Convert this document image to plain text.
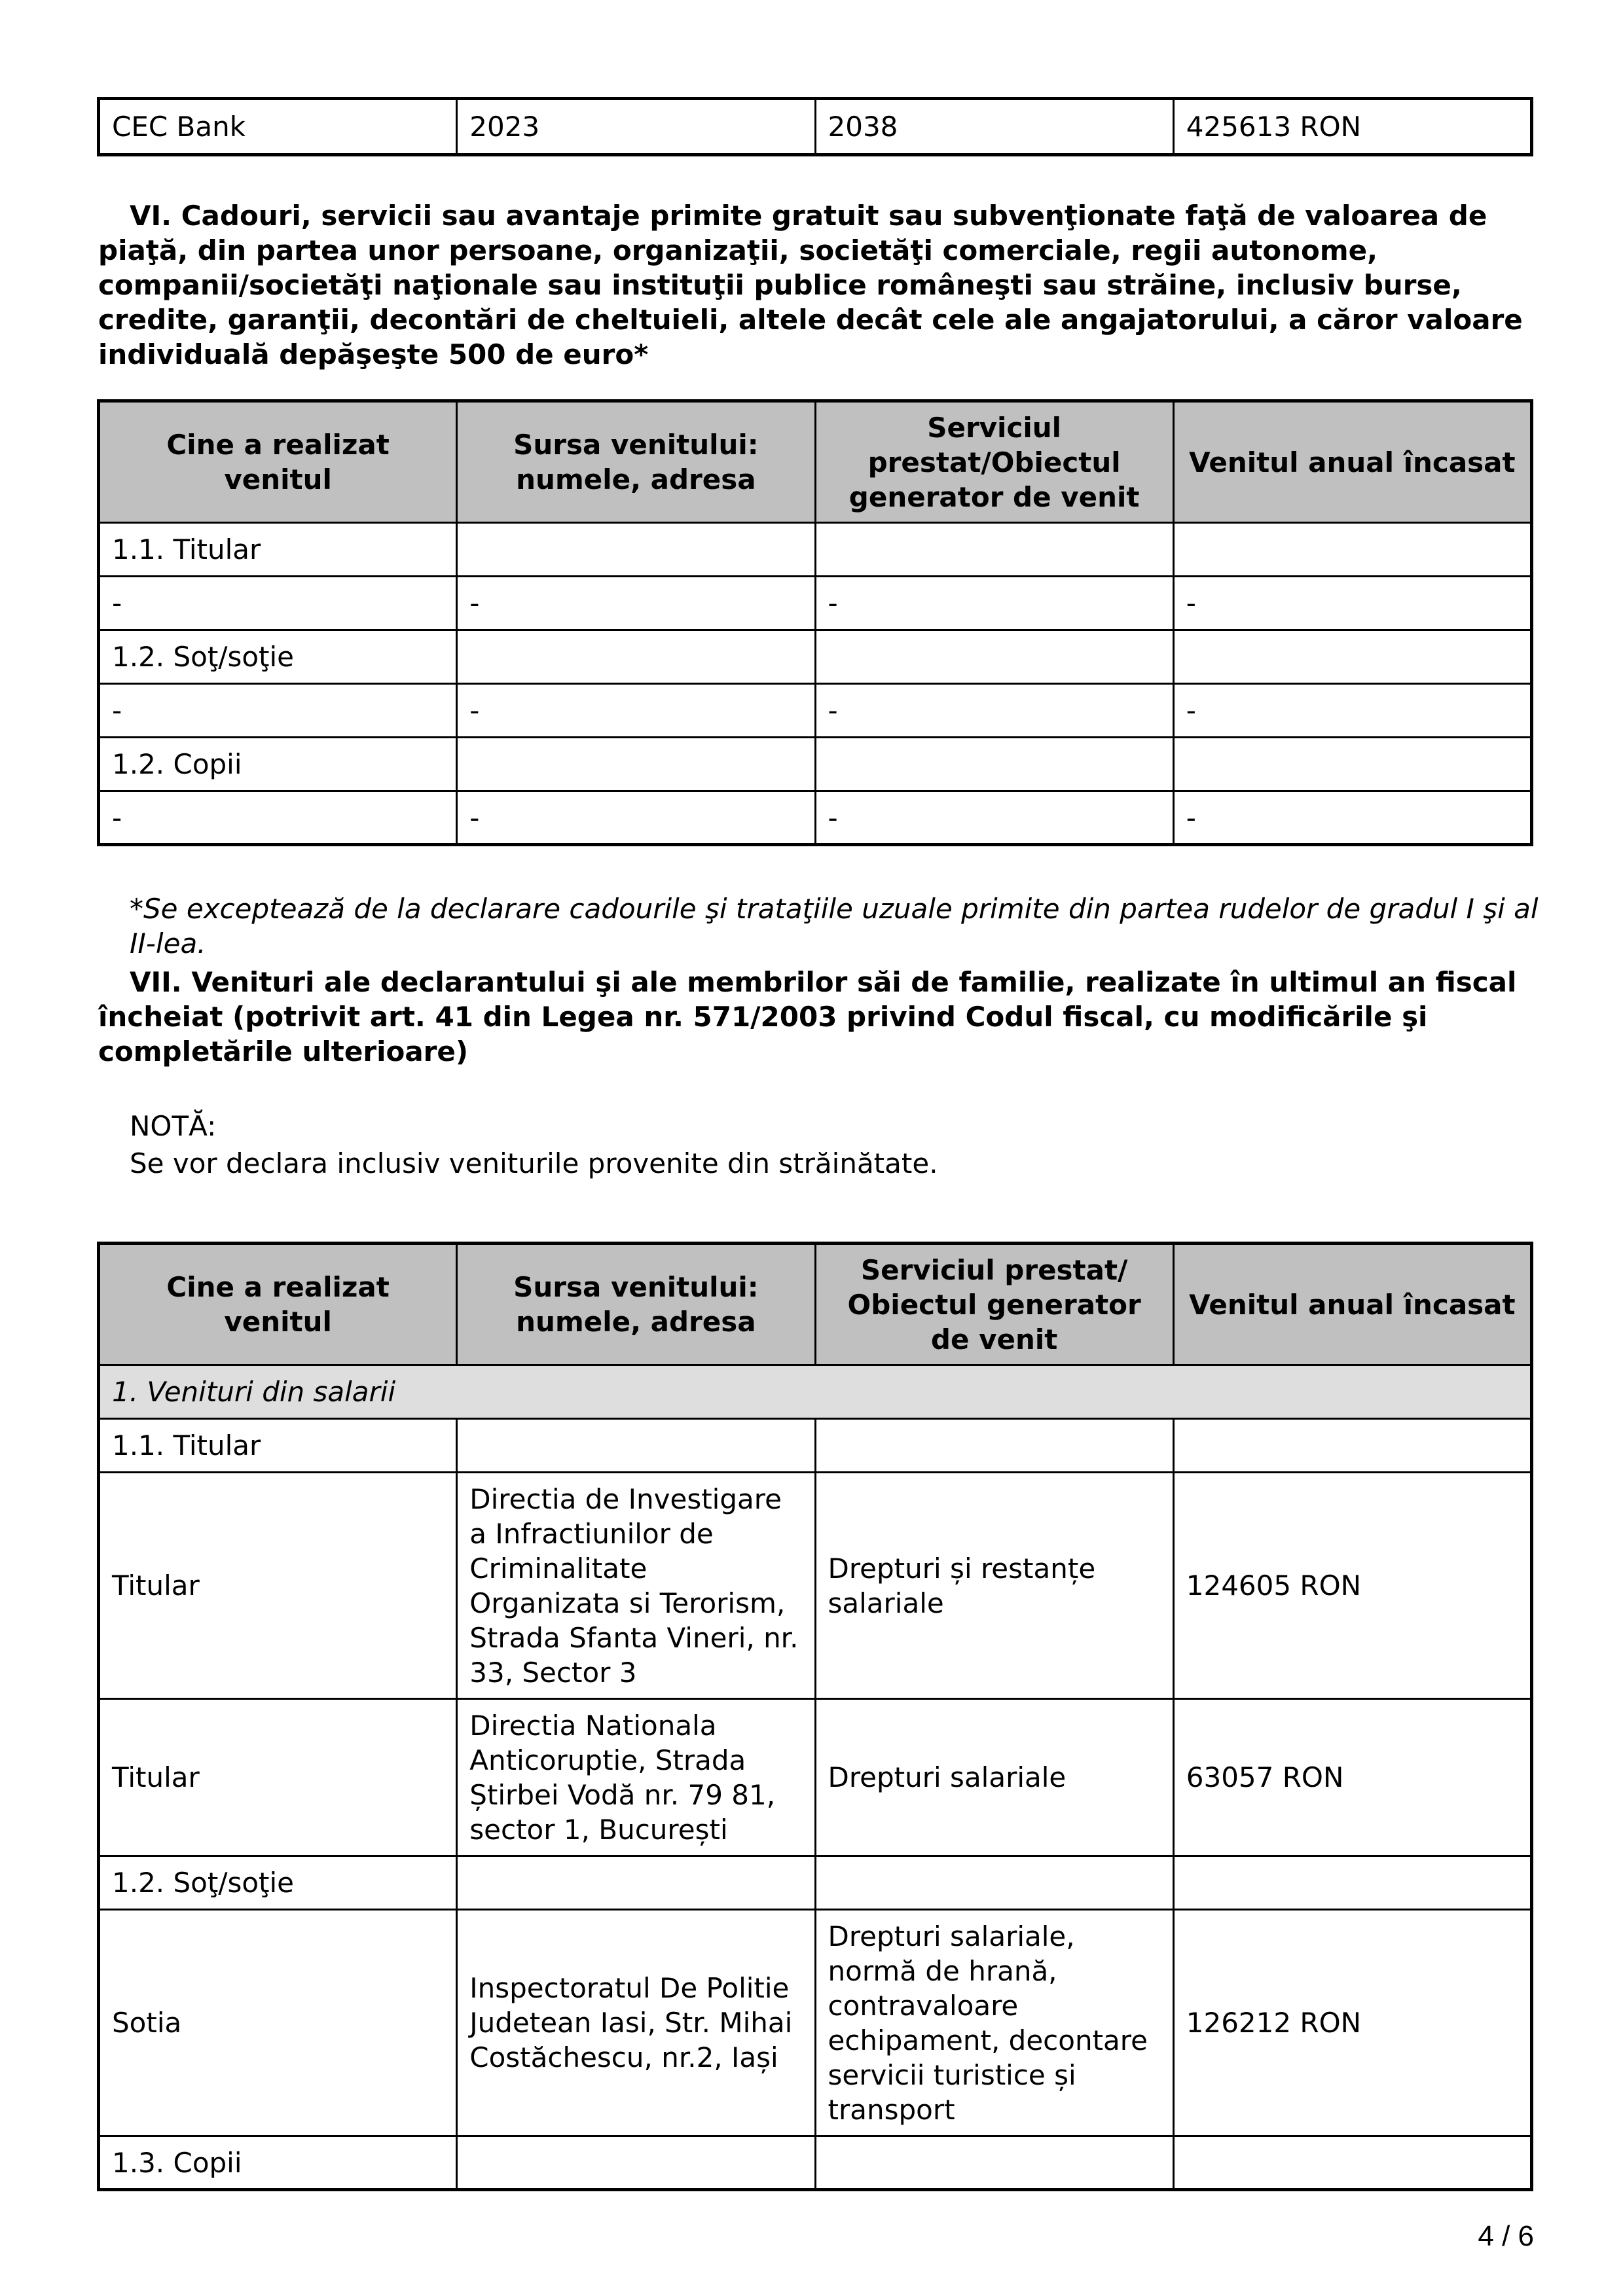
CEC Bank	2023	2038	425613 RON

VI. Cadouri, servicii sau avantaje primite gratuit sau subvenţionate faţă de valoarea de piaţă, din partea unor persoane, organizaţii, societăţi comerciale, regii autonome, companii/societăţi naţionale sau instituţii publice româneşti sau străine, inclusiv burse, credite, garanţii, decontări de cheltuieli, altele decât cele ale angajatorului, a căror valoare individuală depăşeşte 500 de euro*

Cine a realizat venitul	Sursa venitului: numele, adresa	Serviciul prestat/Obiectul generator de venit	Venitul anual încasat
1.1. Titular			
-	-	-	-
1.2. Soţ/soţie			
-	-	-	-
1.2. Copii			
-	-	-	-

*Se exceptează de la declarare cadourile şi trataţiile uzuale primite din partea rudelor de gradul I şi al II-lea.

VII. Venituri ale declarantului şi ale membrilor săi de familie, realizate în ultimul an fiscal încheiat (potrivit art. 41 din Legea nr. 571/2003 privind Codul fiscal, cu modificările şi completările ulterioare)

NOTĂ:

Se vor declara inclusiv veniturile provenite din străinătate.

Cine a realizat venitul	Sursa venitului: numele, adresa	Serviciul prestat/ Obiectul generator de venit	Venitul anual încasat
1. Venituri din salarii			
1.1. Titular			
Titular	Directia de Investigare a Infractiunilor de Criminalitate Organizata si Terorism, Strada Sfanta Vineri, nr. 33, Sector 3	Drepturi și restanțe salariale	124605 RON
Titular	Directia Nationala Anticoruptie, Strada Știrbei Vodă nr. 79 81, sector 1, București	Drepturi salariale	63057 RON
1.2. Soţ/soţie			
Sotia	Inspectoratul De Politie Judetean Iasi, Str. Mihai Costăchescu, nr.2, Iași	Drepturi salariale, normă de hrană, contravaloare echipament, decontare servicii turistice și transport	126212 RON
1.3. Copii			
4 / 6
